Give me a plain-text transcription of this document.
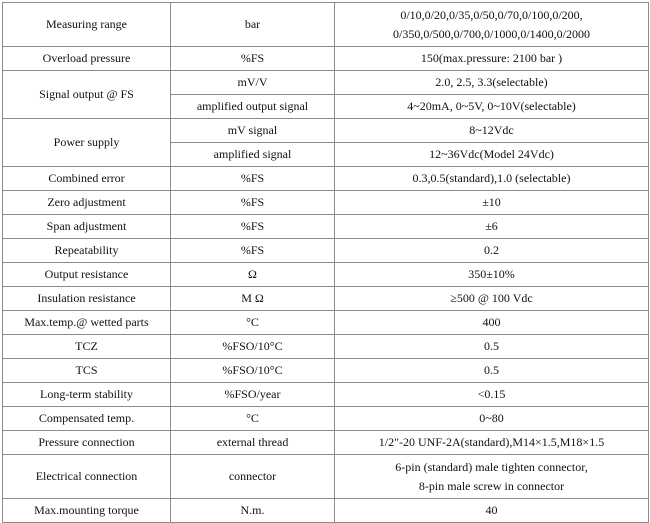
Measuring range	bar	0/10,0/20,0/35,0/50,0/70,0/100,0/200,
0/350,0/500,0/700,0/1000,0/1400,0/2000
Overload pressure	%FS	150(max.pressure: 2100 bar )
Signal output @ FS	mV/V	2.0, 2.5, 3.3(selectable)
	amplified output signal	4~20mA, 0~5V, 0~10V(selectable)
Power supply	mV signal	8~12Vdc
	amplified signal	12~36Vdc(Model 24Vdc)
Combined error	%FS	0.3,0.5(standard),1.0 (selectable)
Zero adjustment	%FS	±10
Span adjustment	%FS	±6
Repeatability	%FS	0.2
Output resistance	Ω	350±10%
Insulation resistance	M Ω	≥500 @ 100 Vdc
Max.temp.@ wetted parts	°C	400
TCZ	%FSO/10°C	0.5
TCS	%FSO/10°C	0.5
Long-term stability	%FSO/year	<0.15
Compensated temp.	°C	0~80
Pressure connection	external thread	1/2"-20 UNF-2A(standard),M14×1.5,M18×1.5
Electrical connection	connector	6-pin (standard) male tighten connector,
8-pin male screw in connector
Max.mounting torque	N.m.	40
